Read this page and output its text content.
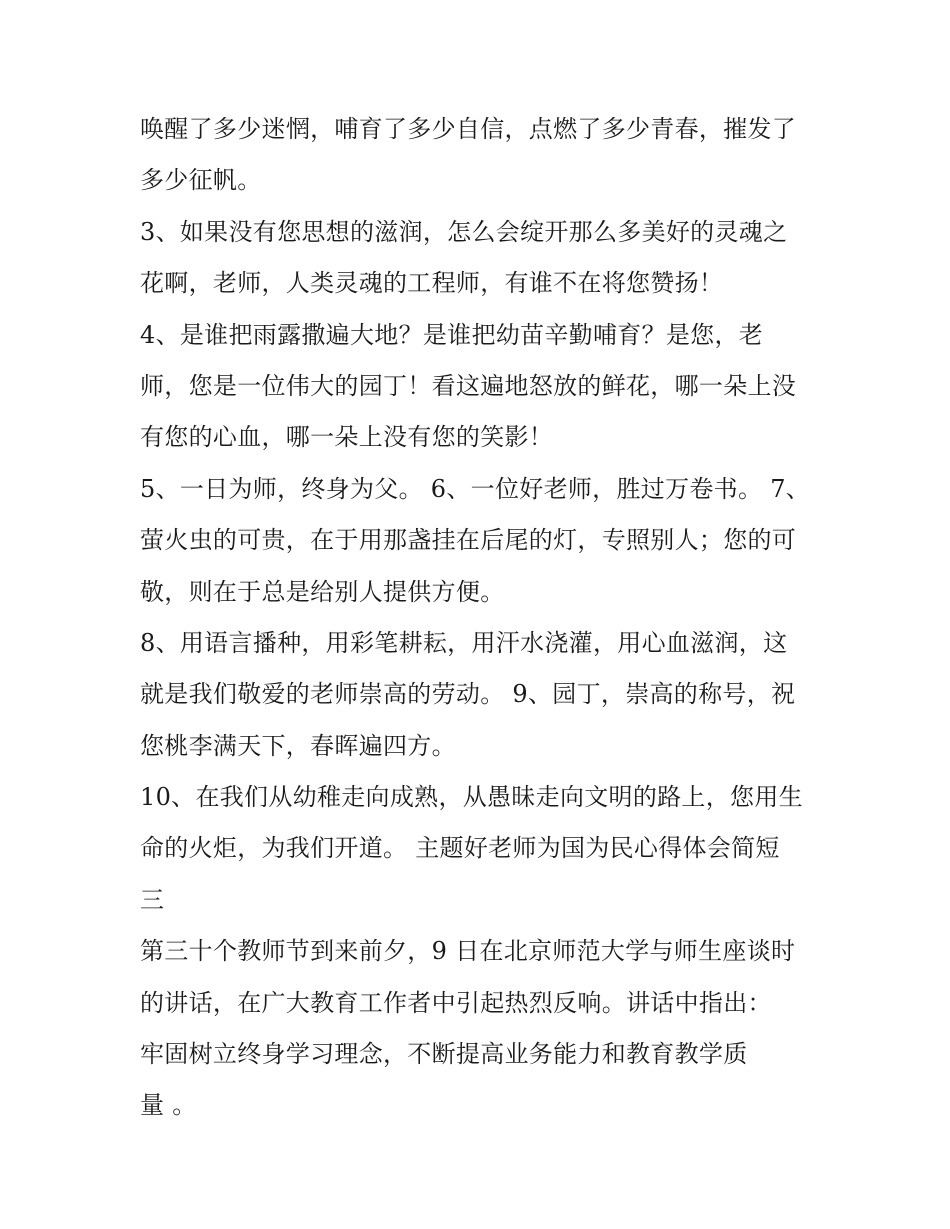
唤醒了多少迷惘，哺育了多少自信，点燃了多少青春，摧发了
多少征帆。
3、如果没有您思想的滋润，怎么会绽开那么多美好的灵魂之
花啊，老师，人类灵魂的工程师，有谁不在将您赞扬！
4、是谁把雨露撒遍大地？是谁把幼苗辛勤哺育？是您，老
师，您是一位伟大的园丁！看这遍地怒放的鲜花，哪一朵上没
有您的心血，哪一朵上没有您的笑影！
5、一日为师，终身为父。 6、一位好老师，胜过万卷书。 7、
萤火虫的可贵，在于用那盏挂在后尾的灯，专照别人；您的可
敬，则在于总是给别人提供方便。
8、用语言播种，用彩笔耕耘，用汗水浇灌，用心血滋润，这
就是我们敬爱的老师崇高的劳动。 9、园丁，崇高的称号，祝
您桃李满天下，春晖遍四方。
10、在我们从幼稚走向成熟，从愚昧走向文明的路上，您用生
命的火炬，为我们开道。 主题好老师为国为民心得体会简短
三
第三十个教师节到来前夕，9 日在北京师范大学与师生座谈时
的讲话，在广大教育工作者中引起热烈反响。讲话中指出：
牢固树立终身学习理念，不断提高业务能力和教育教学质
量 。
